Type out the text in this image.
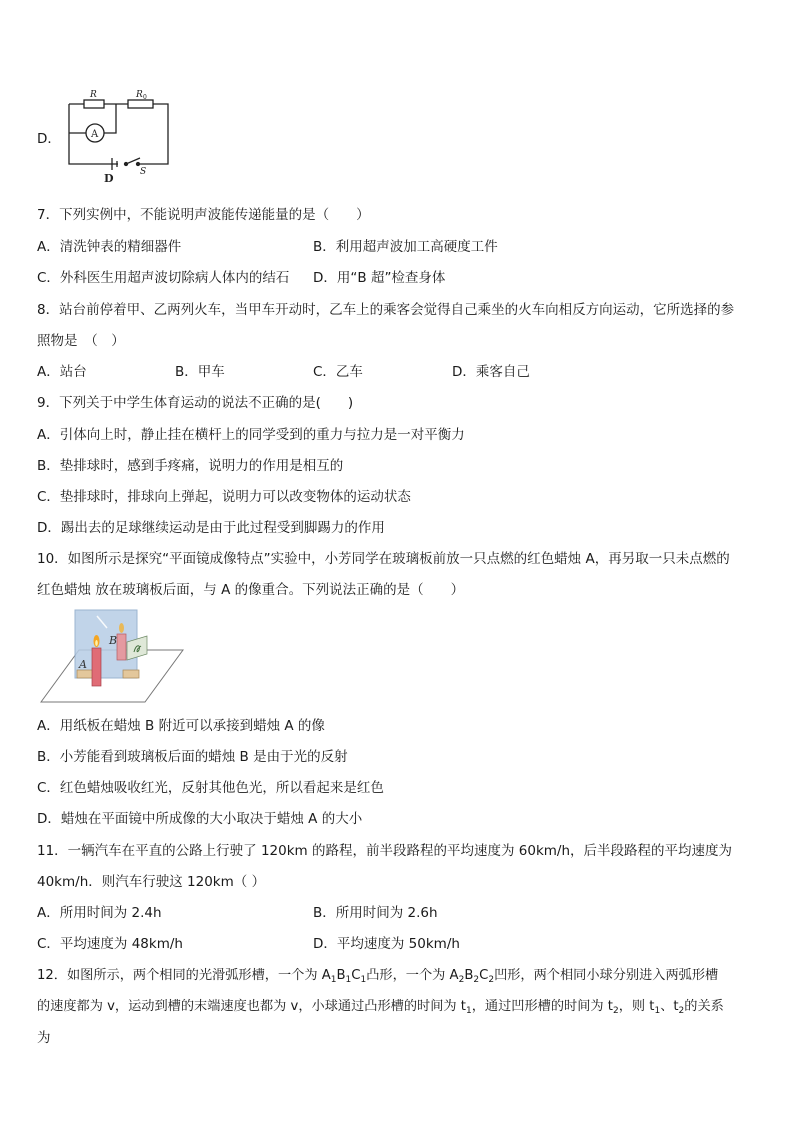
D．
R	R 0
A
S
D
7．下列实例中，不能说明声波能传递能量的是（　　）
A．清洗钟表的精细器件	B．利用超声波加工高硬度工件
C．外科医生用超声波切除病人体内的结石 D．用“B 超”检查身体
8．站台前停着甲、乙两列火车，当甲车开动时，乙车上的乘客会觉得自己乘坐的火车向相反方向运动，它所选择的参
照物是　（　）
A．站台	B．甲车	C．乙车	D．乘客自己
9．下列关于中学生体育运动的说法不正确的是(　　)
A．引体向上时，静止挂在横杆上的同学受到的重力与拉力是一对平衡力
B．垫排球时，感到手疼痛，说明力的作用是相互的
C．垫排球时，排球向上弹起，说明力可以改变物体的运动状态
D．踢出去的足球继续运动是由于此过程受到脚踢力的作用
10．如图所示是探究“平面镜成像特点”实验中，小芳同学在玻璃板前放一只点燃的红色蜡烛 A，再另取一只未点燃的
红色蜡烛 放在玻璃板后面，与 A 的像重合。下列说法正确的是（　　）
B
A
A．用纸板在蜡烛 B 附近可以承接到蜡烛 A 的像
B．小芳能看到玻璃板后面的蜡烛 B 是由于光的反射
C．红色蜡烛吸收红光，反射其他色光，所以看起来是红色
D．蜡烛在平面镜中所成像的大小取决于蜡烛 A 的大小
11．一辆汽车在平直的公路上行驶了 120km 的路程，前半段路程的平均速度为 60km/h，后半段路程的平均速度为
40km/h．则汽车行驶这 120km（ ）
A．所用时间为 2.4h	B．所用时间为 2.6h
C．平均速度为 48km/h	D．平均速度为 50km/h
12．如图所示，两个相同的光滑弧形槽，一个为 $A_1B_1C_1$凸形，一个为 $A_2B_2C_2$凹形，两个相同小球分别进入两弧形槽
的速度都为 v，运动到槽的末端速度也都为 v，小球通过凸形槽的时间为 $t_1$，通过凹形槽的时间为 $t_2$，则 $t_1$、$t_2$的关系
为
